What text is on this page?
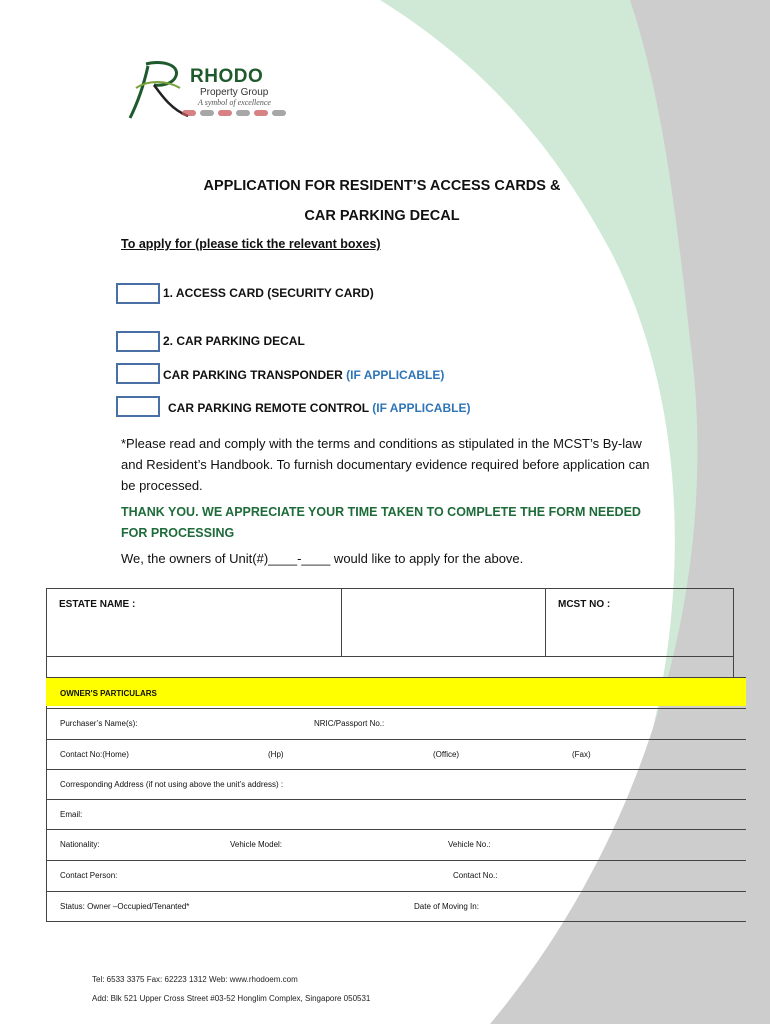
RHODO
Property Group
A symbol of excellence
APPLICATION FOR RESIDENT’S ACCESS CARDS &
CAR PARKING DECAL
To apply for (please tick the relevant boxes)
1. ACCESS CARD (SECURITY CARD)
2. CAR PARKING DECAL
CAR PARKING TRANSPONDER (IF APPLICABLE)
CAR PARKING REMOTE CONTROL (IF APPLICABLE)
*Please read and comply with the terms and conditions as stipulated in the MCST’s By-law and Resident’s Handbook. To furnish documentary evidence required before application can be processed.
THANK YOU. WE APPRECIATE YOUR TIME TAKEN TO COMPLETE THE FORM NEEDED FOR PROCESSING
We, the owners of Unit(#)____-____ would like to apply for the above.
ESTATE NAME :	MCST NO :
OWNER'S PARTICULARS
Purchaser’s Name(s):	NRIC/Passport No.:
Contact No:(Home)	(Hp)	(Office)	(Fax)
Corresponding Address (if not using above the unit’s address) :
Email:
Nationality:	Vehicle Model:	Vehicle No.:
Contact Person:	Contact No.:
Status: Owner –Occupied/Tenanted*	Date of Moving In:
Tel: 6533 3375 Fax: 62223 1312 Web: www.rhodoem.com
Add: Blk 521 Upper Cross Street #03-52 Honglim Complex, Singapore 050531
